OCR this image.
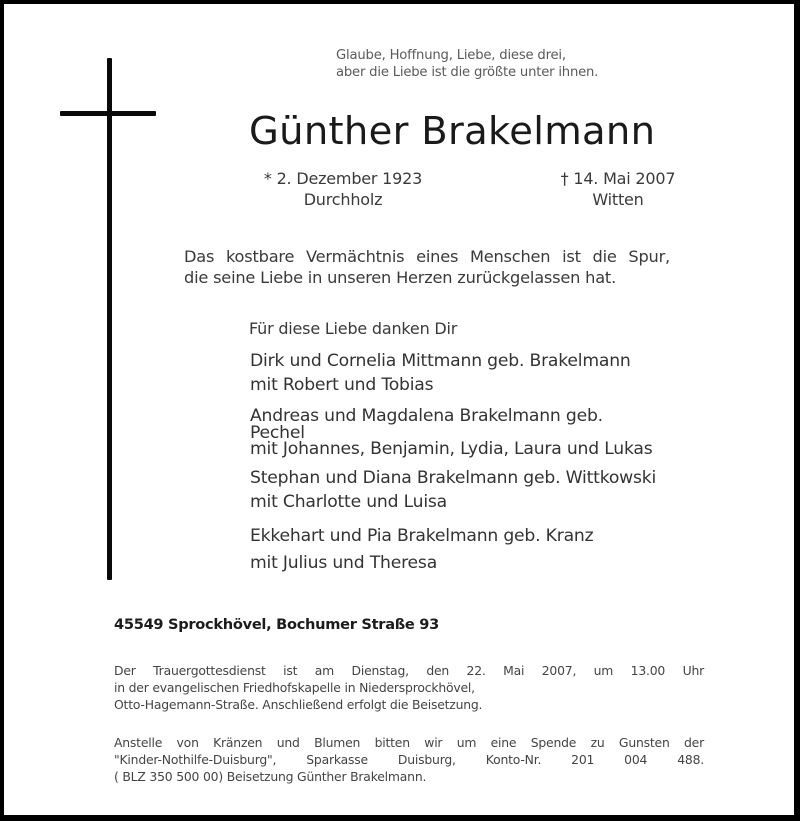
Glaube, Hoffnung, Liebe, diese drei,
aber die Liebe ist die größte unter ihnen.
Günther Brakelmann
* 2. Dezember 1923
Durchholz
† 14. Mai 2007
Witten
Das kostbare Vermächtnis eines Menschen ist die Spur,
die seine Liebe in unseren Herzen zurückgelassen hat.
Für diese Liebe danken Dir
Dirk und Cornelia Mittmann geb. Brakelmann
mit Robert und Tobias
Andreas und Magdalena Brakelmann geb.
Pechel
mit Johannes, Benjamin, Lydia, Laura und Lukas
Stephan und Diana Brakelmann geb. Wittkowski
mit Charlotte und Luisa
Ekkehart und Pia Brakelmann geb. Kranz
mit Julius und Theresa
45549 Sprockhövel, Bochumer Straße 93
Der Trauergottesdienst ist am Dienstag, den 22. Mai 2007, um 13.00 Uhr
in der evangelischen Friedhofskapelle in Niedersprockhövel,
Otto-Hagemann-Straße. Anschließend erfolgt die Beisetzung.
Anstelle von Kränzen und Blumen bitten wir um eine Spende zu Gunsten der
"Kinder-Nothilfe-Duisburg", Sparkasse Duisburg, Konto-Nr. 201 004 488.
( BLZ 350 500 00) Beisetzung Günther Brakelmann.
